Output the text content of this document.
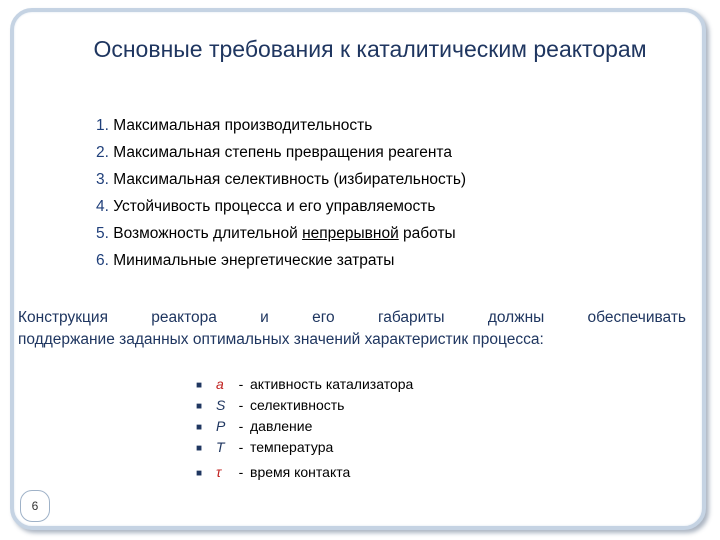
Основные требования к каталитическим реакторам
1. Максимальная производительность
2. Максимальная степень превращения реагента
3. Максимальная селективность (избирательность)
4. Устойчивость процесса и его управляемость
5. Возможность длительной непрерывной работы
6. Минимальные энергетические затраты

Конструкция реактора и его габариты должны обеспечивать
поддержание заданных оптимальных значений характеристик процесса:

■ a - активность катализатора
■ S - селективность
■ P - давление
■ T - температура
■ τ - время контакта
6
